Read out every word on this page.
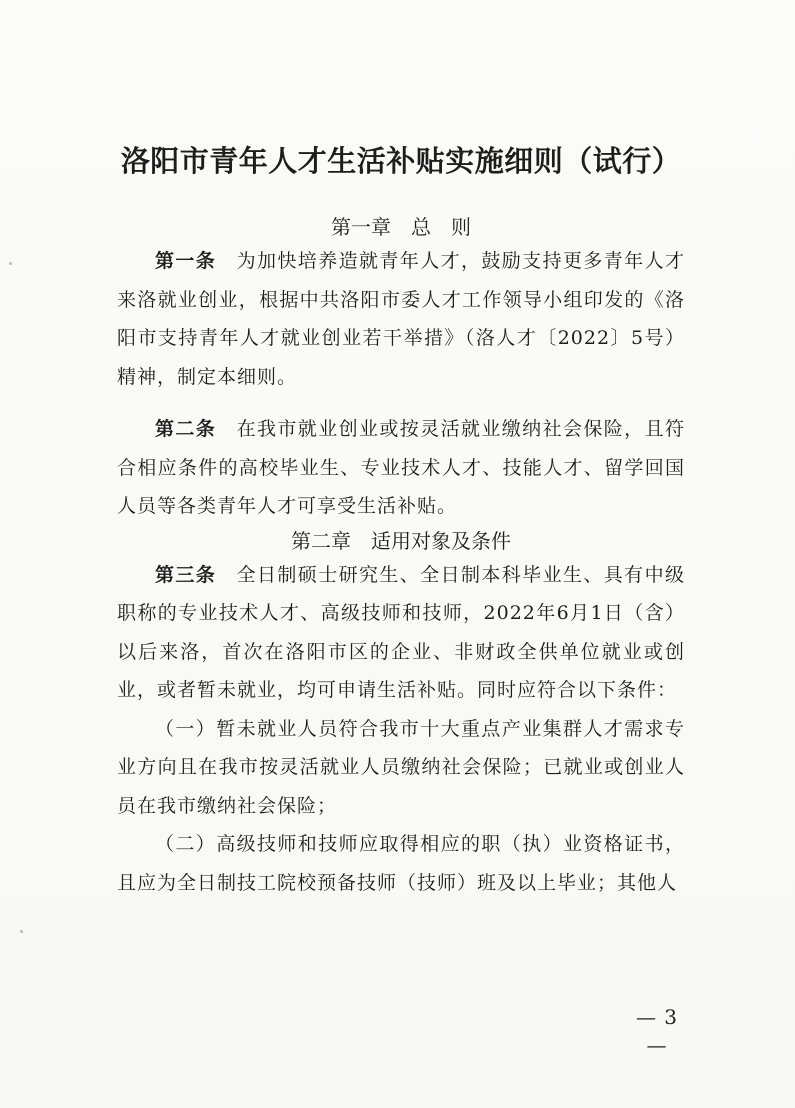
洛阳市青年人才生活补贴实施细则（试行）
第一章　总　则

第一条 为加快培养造就青年人才，鼓励支持更多青年人才来洛就业创业，根据中共洛阳市委人才工作领导小组印发的《洛阳市支持青年人才就业创业若干举措》（洛人才〔2022〕5号）精神，制定本细则。

第二条 在我市就业创业或按灵活就业缴纳社会保险，且符合相应条件的高校毕业生、专业技术人才、技能人才、留学回国人员等各类青年人才可享受生活补贴。

第二章　适用对象及条件

第三条 全日制硕士研究生、全日制本科毕业生、具有中级职称的专业技术人才、高级技师和技师，2022年6月1日（含）以后来洛，首次在洛阳市区的企业、非财政全供单位就业或创业，或者暂未就业，均可申请生活补贴。同时应符合以下条件：

（一）暂未就业人员符合我市十大重点产业集群人才需求专业方向且在我市按灵活就业人员缴纳社会保险；已就业或创业人员在我市缴纳社会保险；

（二）高级技师和技师应取得相应的职（执）业资格证书，且应为全日制技工院校预备技师（技师）班及以上毕业；其他人

— 3 —
